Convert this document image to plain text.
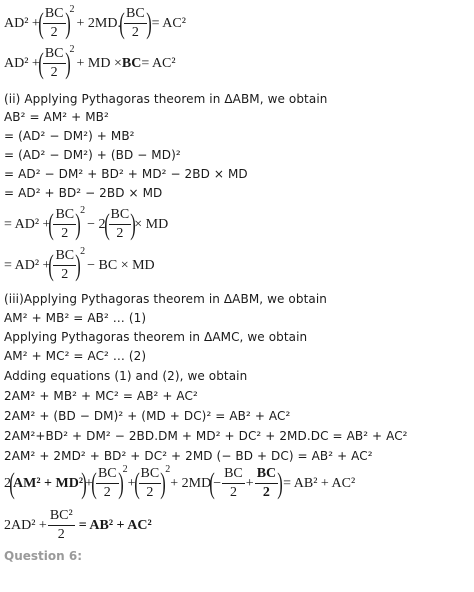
AD² +
( $\frac{BC}{2}$ ) 2
+ 2MD.
( $\frac{BC}{2}$ ) = AC²
AD² +
( $\frac{BC}{2}$ ) 2
+ MD × BC = AC²
(ii) Applying Pythagoras theorem in ΔABM, we obtain
AB² = AM² + MB²
= (AD² − DM²) + MB²
= (AD² − DM²) + (BD − MD)²
= AD² − DM² + BD² + MD² − 2BD × MD
= AD² + BD² − 2BD × MD
= AD² +
( $\frac{BC}{2}$ ) 2
− 2
( $\frac{BC}{2}$ )
× MD
= AD² +
( $\frac{BC}{2}$ ) 2
− BC × MD
(iii)Applying Pythagoras theorem in ΔABM, we obtain
AM² + MB² = AB² … (1)
Applying Pythagoras theorem in ΔAMC, we obtain
AM² + MC² = AC² … (2)
Adding equations (1) and (2), we obtain
2AM² + MB² + MC² = AB² + AC²
2AM² + (BD − DM)² + (MD + DC)² = AB² + AC²
2AM²+BD² + DM² − 2BD.DM + MD² + DC² + 2MD.DC = AB² + AC²
2AM² + 2MD² + BD² + DC² + 2MD (− BD + DC) = AB² + AC²
2
(
AM² + MD²
)
+
( $\frac{BC}{2}$ ) 2
+
( $\frac{BC}{2}$ ) 2
+ 2MD
(
− $\frac{BC}{2} + \frac{BC}{2}$ ) = AB² + AC²
$2AD^2 + \frac{\text{BC²}}{2} = AB^2 + AC^2$
Question 6:
